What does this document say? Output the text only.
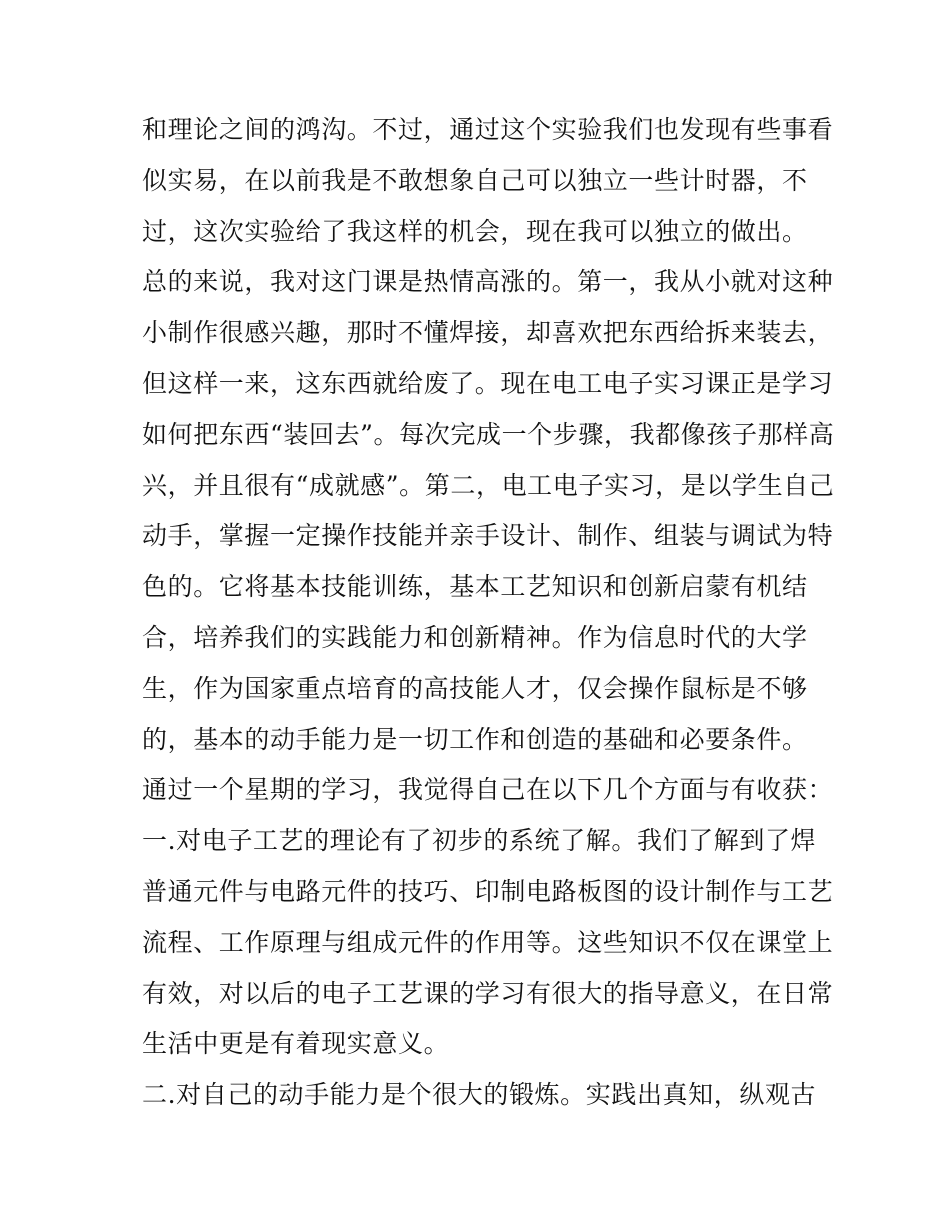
和理论之间的鸿沟。不过，通过这个实验我们也发现有些事看
似实易，在以前我是不敢想象自己可以独立一些计时器，不
过，这次实验给了我这样的机会，现在我可以独立的做出。
总的来说，我对这门课是热情高涨的。第一，我从小就对这种
小制作很感兴趣，那时不懂焊接，却喜欢把东西给拆来装去，
但这样一来，这东西就给废了。现在电工电子实习课正是学习
如何把东西“装回去”。每次完成一个步骤，我都像孩子那样高
兴，并且很有“成就感”。第二，电工电子实习，是以学生自己
动手，掌握一定操作技能并亲手设计、制作、组装与调试为特
色的。它将基本技能训练，基本工艺知识和创新启蒙有机结
合，培养我们的实践能力和创新精神。作为信息时代的大学
生，作为国家重点培育的高技能人才，仅会操作鼠标是不够
的，基本的动手能力是一切工作和创造的基础和必要条件。
通过一个星期的学习，我觉得自己在以下几个方面与有收获：
一.对电子工艺的理论有了初步的系统了解。我们了解到了焊
普通元件与电路元件的技巧、印制电路板图的设计制作与工艺
流程、工作原理与组成元件的作用等。这些知识不仅在课堂上
有效，对以后的电子工艺课的学习有很大的指导意义，在日常
生活中更是有着现实意义。
二.对自己的动手能力是个很大的锻炼。实践出真知，纵观古
